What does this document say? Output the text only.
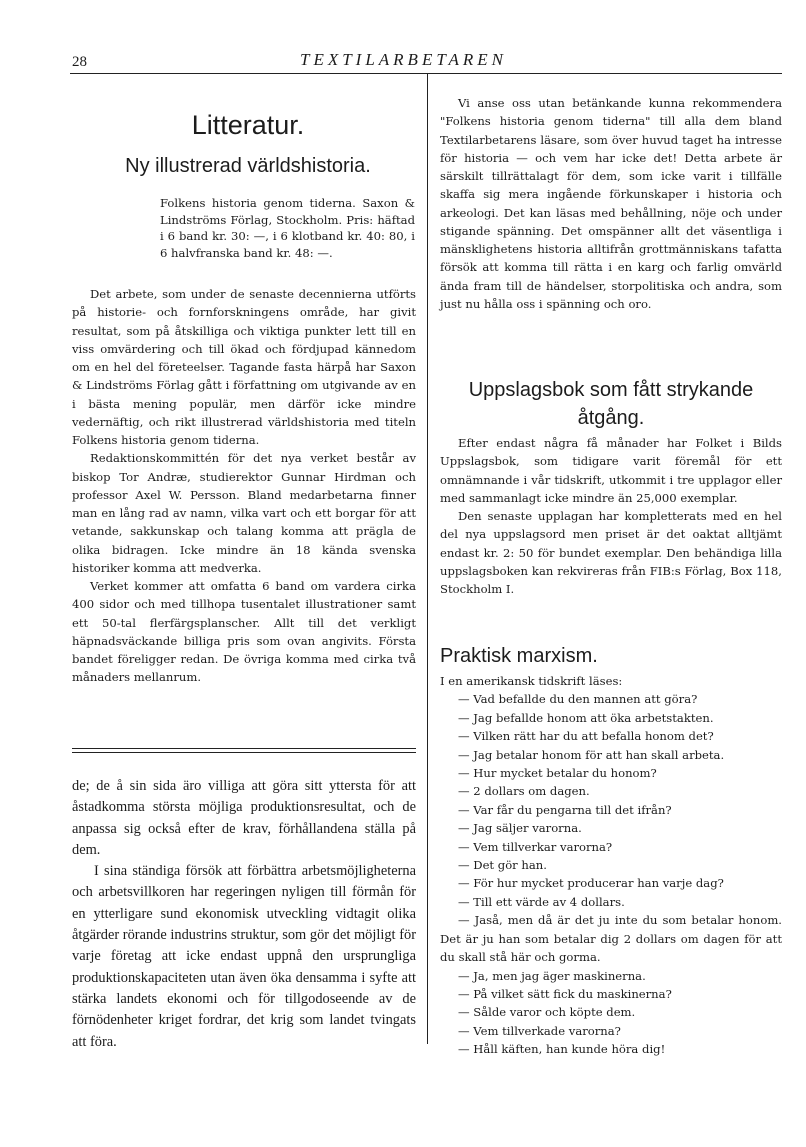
28	TEXTILARBETAREN
Litteratur.
Ny illustrerad världshistoria.
Folkens historia genom tiderna. Saxon & Lindströms Förlag, Stockholm. Pris: häftad i 6 band kr. 30: —, i 6 klotband kr. 40: 80, i 6 halvfranska band kr. 48: —.

Det arbete, som under de senaste decennierna utförts på historie- och fornforskningens område, har givit resultat, som på åtskilliga och viktiga punkter lett till en viss omvärdering och till ökad och fördjupad kännedom om en hel del företeelser. Tagande fasta härpå har Saxon & Lindströms Förlag gått i författning om utgivande av en i bästa mening populär, men därför icke mindre vedernäftig, och rikt illustrerad världshistoria med titeln Folkens historia genom tiderna.

Redaktionskommittén för det nya verket består av biskop Tor Andræ, studierektor Gunnar Hirdman och professor Axel W. Persson. Bland medarbetarna finner man en lång rad av namn, vilka vart och ett borgar för att vetande, sakkunskap och talang komma att präglа de olika bidragen. Icke mindre än 18 kända svenska historiker komma att medverka.

Verket kommer att omfatta 6 band om vardera cirka 400 sidor och med tillhopa tusentalet illustrationer samt ett 50-tal flerfärgsplanscher. Allt till det verkligt häpnadsväckande billiga pris som ovan angivits. Första bandet föreligger redan. De övriga komma med cirka två månaders mellanrum.

de; de å sin sida äro villiga att göra sitt yttersta för att åstadkomma största möjliga produktionsresultat, och de anpassa sig också efter de krav, förhållandena ställa på dem.

I sina ständiga försök att förbättra arbetsmöjligheterna och arbetsvillkoren har regeringen nyligen till förmån för en ytterligare sund ekonomisk utveckling vidtagit olika åtgärder rörande industrins struktur, som gör det möjligt för varje företag att icke endast uppnå den ursprungliga produktionskapaciteten utan även öka densamma i syfte att stärka landets ekonomi och för tillgodoseende av de förnödenheter kriget fordrar, det krig som landet tvingats att föra.

Vi anse oss utan betänkande kunna rekommendera "Folkens historia genom tiderna" till alla dem bland Textilarbetarens läsare, som över huvud taget ha intresse för historia — och vem har icke det! Detta arbete är särskilt tillrättalagt för dem, som icke varit i tillfälle skaffa sig mera ingående förkunskaper i historia och arkeologi. Det kan läsas med behållning, nöje och under stigande spänning. Det omspänner allt det väsentliga i mänsklighetens historia alltifrån grottmänniskans tafatta försök att komma till rätta i en karg och farlig omvärld ända fram till de händelser, storpolitiska och andra, som just nu hålla oss i spänning och oro.

Uppslagsbok som fått strykande åtgång.

Efter endast några få månader har Folket i Bilds Uppslagsbok, som tidigare varit föremål för ett omnämnande i vår tidskrift, utkommit i tre upplagor eller med sammanlagt icke mindre än 25,000 exemplar.

Den senaste upplagan har kompletterats med en hel del nya uppslagsord men priset är det oaktat alltjämt endast kr. 2: 50 för bundet exemplar. Den behändiga lilla uppslagsboken kan rekvireras från FIB:s Förlag, Box 118, Stockholm I.

Praktisk marxism.
I en amerikansk tidskrift läses:
— Vad befallde du den mannen att göra?
— Jag befallde honom att öka arbetstakten.
— Vilken rätt har du att befalla honom det?
— Jag betalar honom för att han skall arbeta.
— Hur mycket betalar du honom?
— 2 dollars om dagen.
— Var får du pengarna till det ifrån?
— Jag säljer varorna.
— Vem tillverkar varorna?
— Det gör han.
— För hur mycket producerar han varje dag?
— Till ett värde av 4 dollars.
— Jaså, men då är det ju inte du som betalar honom. Det är ju han som betalar dig 2 dollars om dagen för att du skall stå här och gorma.
— Ja, men jag äger maskinerna.
— På vilket sätt fick du maskinerna?
— Sålde varor och köpte dem.
— Vem tillverkade varorna?
— Håll käften, han kunde höra dig!
